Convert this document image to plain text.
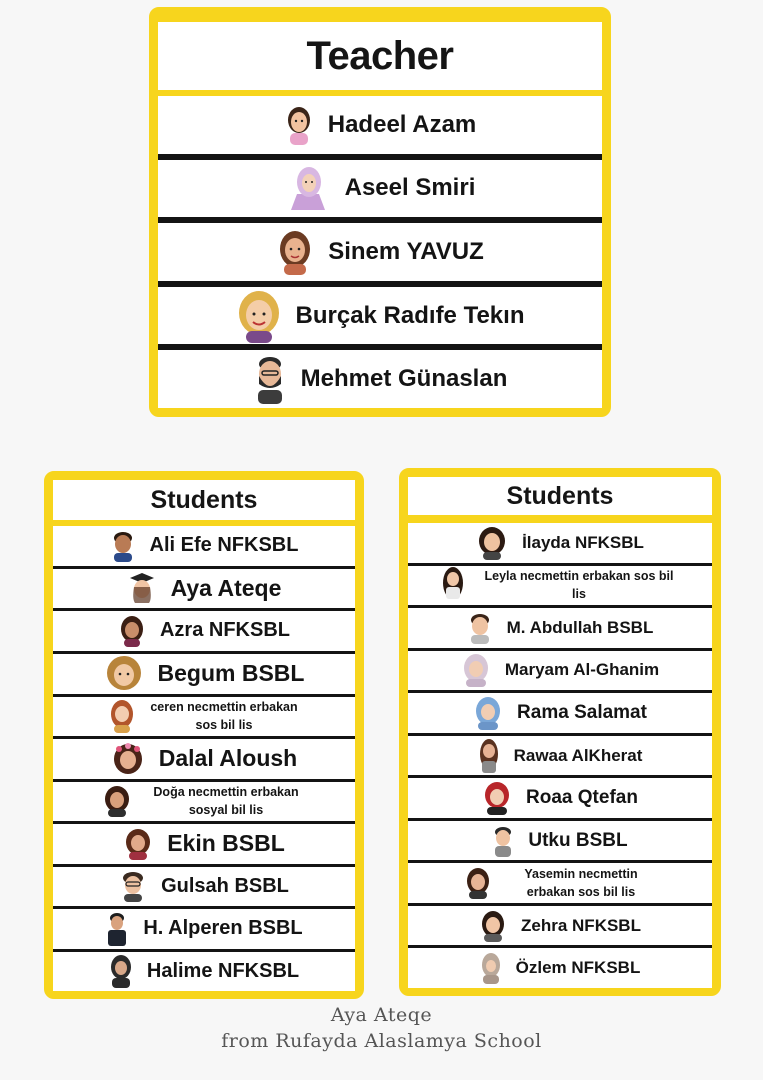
Teacher
Hadeel Azam
Aseel Smiri
Sinem YAVUZ
Burçak Radıfe Tekın
Mehmet Günaslan
Students
Ali Efe NFKSBL
Aya Ateqe
Azra NFKSBL
Begum BSBL
ceren necmettin erbakan sos bil lis
Dalal Aloush
Doğa necmettin erbakan sosyal bil lis
Ekin BSBL
Gulsah BSBL
H. Alperen BSBL
Halime NFKSBL
Students
İlayda NFKSBL
Leyla necmettin erbakan sos bil lis
M. Abdullah BSBL
Maryam Al-Ghanim
Rama Salamat
Rawaa AlKherat
Roaa Qtefan
Utku BSBL
Yasemin necmettin erbakan sos bil lis
Zehra NFKSBL
Özlem NFKSBL
Aya Ateqe
from Rufayda Alaslamya School
